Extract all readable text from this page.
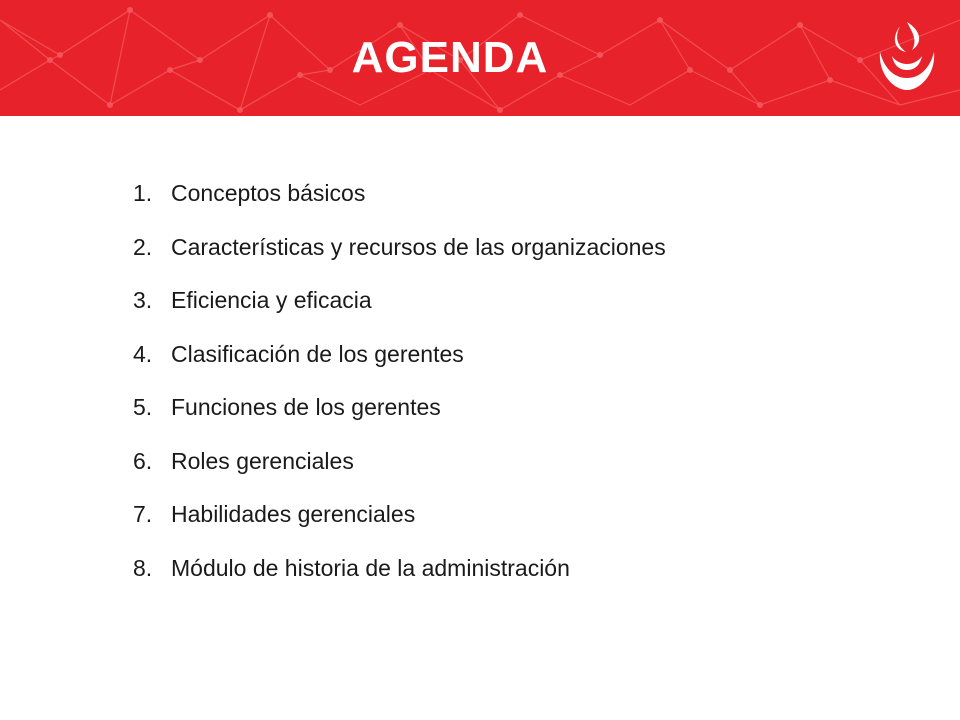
AGENDA
1. Conceptos básicos
2. Características y recursos de las organizaciones
3. Eficiencia y eficacia
4. Clasificación de los gerentes
5. Funciones de los gerentes
6. Roles gerenciales
7. Habilidades gerenciales
8. Módulo de historia de la administración
